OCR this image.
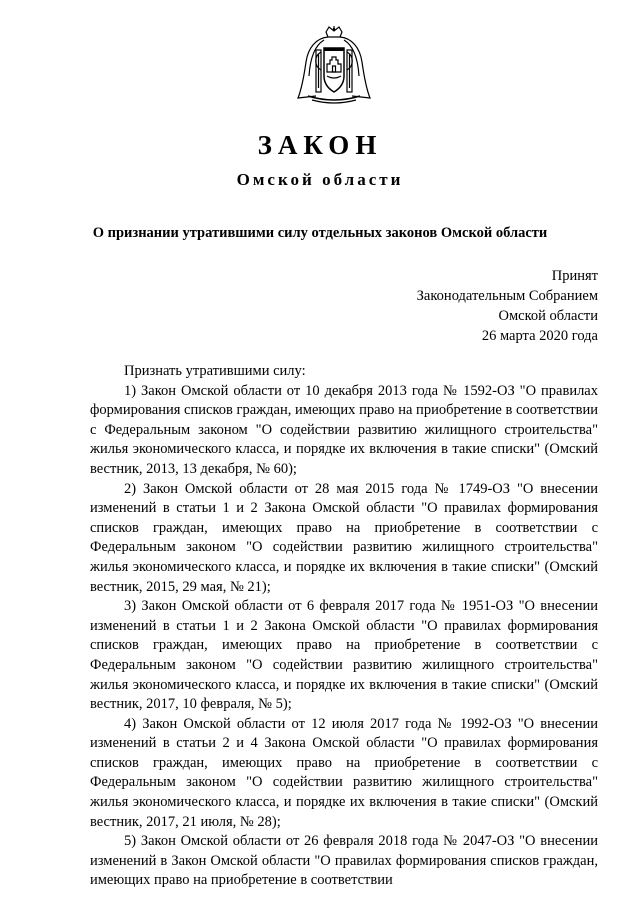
ЗАКОН
Омской области
О признании утратившими силу отдельных законов Омской области
Принят
Законодательным Собранием
Омской области
26 марта 2020 года

Признать утратившими силу:

1) Закон Омской области от 10 декабря 2013 года № 1592-ОЗ "О правилах формирования списков граждан, имеющих право на приобретение в соответствии с Федеральным законом "О содействии развитию жилищного строительства" жилья экономического класса, и порядке их включения в такие списки" (Омский вестник, 2013, 13 декабря, № 60);

2) Закон Омской области от 28 мая 2015 года № 1749-ОЗ "О внесении изменений в статьи 1 и 2 Закона Омской области "О правилах формирования списков граждан, имеющих право на приобретение в соответствии с Федеральным законом "О содействии развитию жилищного строительства" жилья экономического класса, и порядке их включения в такие списки" (Омский вестник, 2015, 29 мая, № 21);

3) Закон Омской области от 6 февраля 2017 года № 1951-ОЗ "О внесении изменений в статьи 1 и 2 Закона Омской области "О правилах формирования списков граждан, имеющих право на приобретение в соответствии с Федеральным законом "О содействии развитию жилищного строительства" жилья экономического класса, и порядке их включения в такие списки" (Омский вестник, 2017, 10 февраля, № 5);

4) Закон Омской области от 12 июля 2017 года № 1992-ОЗ "О внесении изменений в статьи 2 и 4 Закона Омской области "О правилах формирования списков граждан, имеющих право на приобретение в соответствии с Федеральным законом "О содействии развитию жилищного строительства" жилья экономического класса, и порядке их включения в такие списки" (Омский вестник, 2017, 21 июля, № 28);

5) Закон Омской области от 26 февраля 2018 года № 2047-ОЗ "О внесении изменений в Закон Омской области "О правилах формирования списков граждан, имеющих право на приобретение в соответствии
